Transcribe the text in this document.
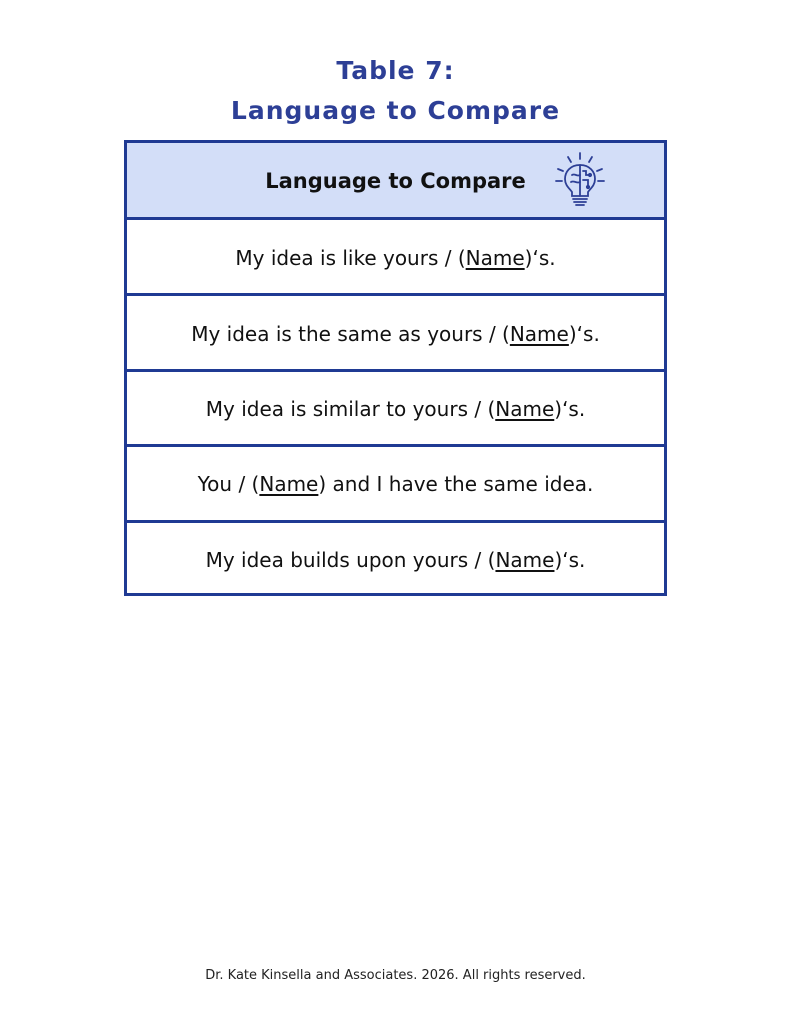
Table 7:
Language to Compare
Language to Compare
My idea is like yours / (Name)‘s.
My idea is the same as yours / (Name)‘s.
My idea is similar to yours / (Name)‘s.
You / (Name) and I have the same idea.
My idea builds upon yours / (Name)‘s.
Dr. Kate Kinsella and Associates. 2026. All rights reserved.
